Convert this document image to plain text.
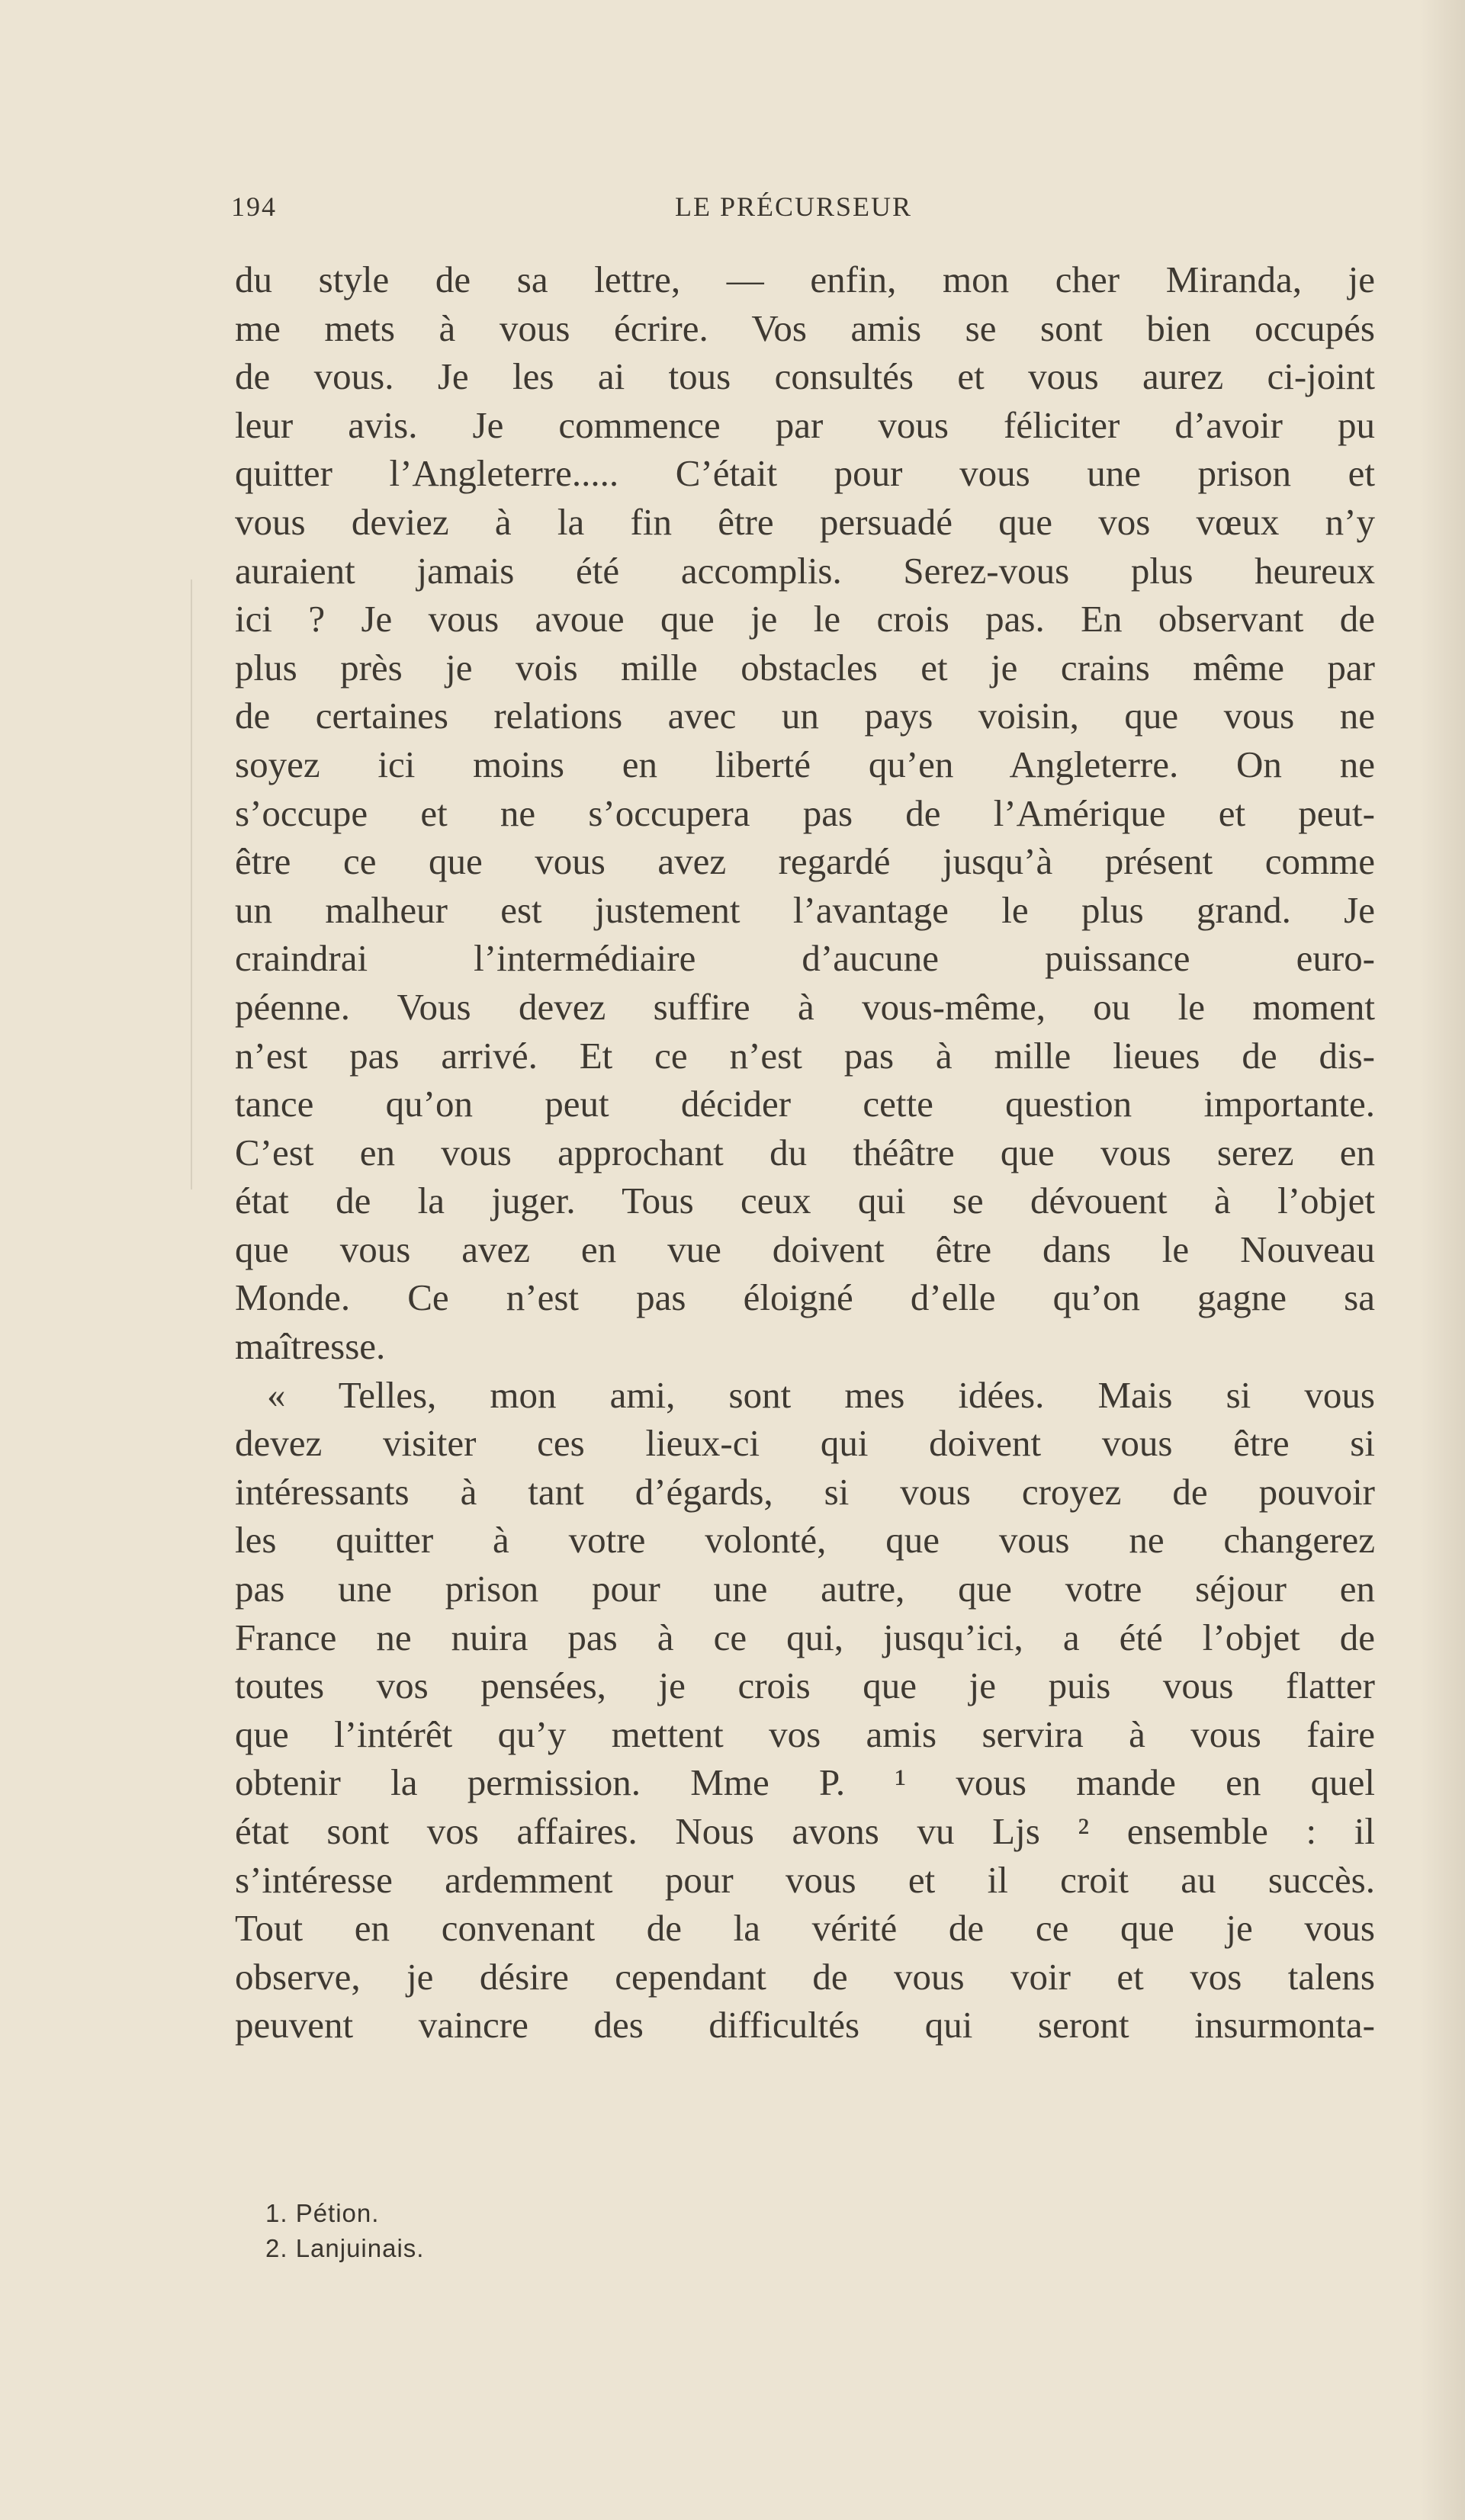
194	LE PRÉCURSEUR
du style de sa lettre, — enfin, mon cher Miranda, je
me mets à vous écrire. Vos amis se sont bien occupés
de vous. Je les ai tous consultés et vous aurez ci-joint
leur avis. Je commence par vous féliciter d’avoir pu
quitter l’Angleterre..... C’était pour vous une prison et
vous deviez à la fin être persuadé que vos vœux n’y
auraient jamais été accomplis. Serez-vous plus heureux
ici ? Je vous avoue que je le crois pas. En observant de
plus près je vois mille obstacles et je crains même par
de certaines relations avec un pays voisin, que vous ne
soyez ici moins en liberté qu’en Angleterre. On ne
s’occupe et ne s’occupera pas de l’Amérique et peut-
être ce que vous avez regardé jusqu’à présent comme
un malheur est justement l’avantage le plus grand. Je
craindrai l’intermédiaire d’aucune puissance euro-
péenne. Vous devez suffire à vous-même, ou le moment
n’est pas arrivé. Et ce n’est pas à mille lieues de dis-
tance qu’on peut décider cette question importante.
C’est en vous approchant du théâtre que vous serez en
état de la juger. Tous ceux qui se dévouent à l’objet
que vous avez en vue doivent être dans le Nouveau
Monde. Ce n’est pas éloigné d’elle qu’on gagne sa
maîtresse.
« Telles, mon ami, sont mes idées. Mais si vous
devez visiter ces lieux-ci qui doivent vous être si
intéressants à tant d’égards, si vous croyez de pouvoir
les quitter à votre volonté, que vous ne changerez
pas une prison pour une autre, que votre séjour en
France ne nuira pas à ce qui, jusqu’ici, a été l’objet de
toutes vos pensées, je crois que je puis vous flatter
que l’intérêt qu’y mettent vos amis servira à vous faire
obtenir la permission. Mme P. ¹ vous mande en quel
état sont vos affaires. Nous avons vu Ljs ² ensemble : il
s’intéresse ardemment pour vous et il croit au succès.
Tout en convenant de la vérité de ce que je vous
observe, je désire cependant de vous voir et vos talens
peuvent vaincre des difficultés qui seront insurmonta-
1. Pétion.
2. Lanjuinais.
